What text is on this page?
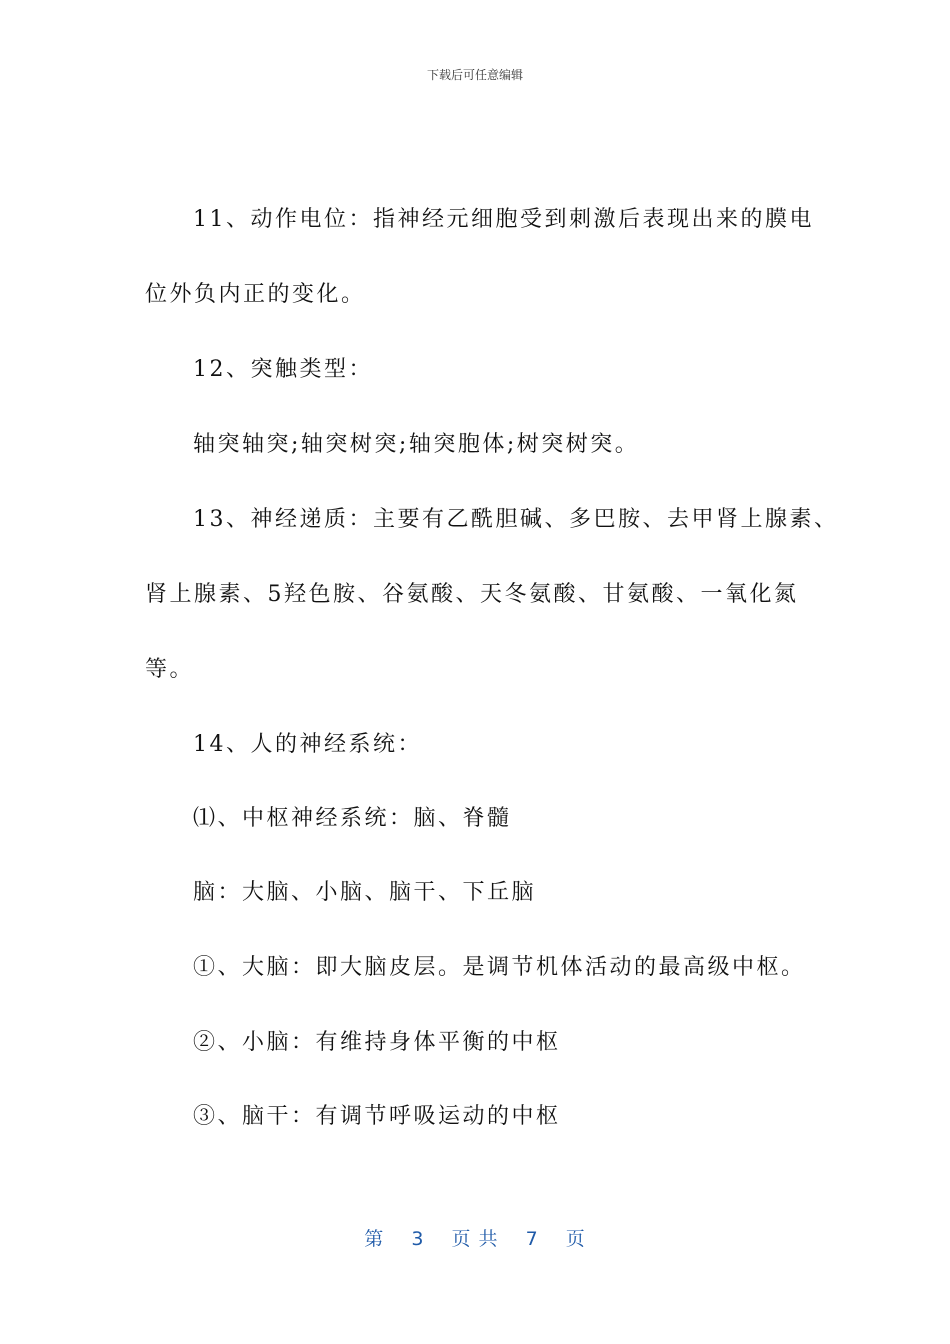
下载后可任意编辑
11、动作电位：指神经元细胞受到刺激后表现出来的膜电
位外负内正的变化。
12、突触类型：
轴突轴突;轴突树突;轴突胞体;树突树突。
13、神经递质：主要有乙酰胆碱、多巴胺、去甲肾上腺素、
肾上腺素、5羟色胺、谷氨酸、天冬氨酸、甘氨酸、一氧化氮
等。
14、人的神经系统：
⑴、中枢神经系统：脑、脊髓
脑：大脑、小脑、脑干、下丘脑
①、大脑：即大脑皮层。是调节机体活动的最高级中枢。
②、小脑：有维持身体平衡的中枢
③、脑干：有调节呼吸运动的中枢
第 3 页 共 7 页
